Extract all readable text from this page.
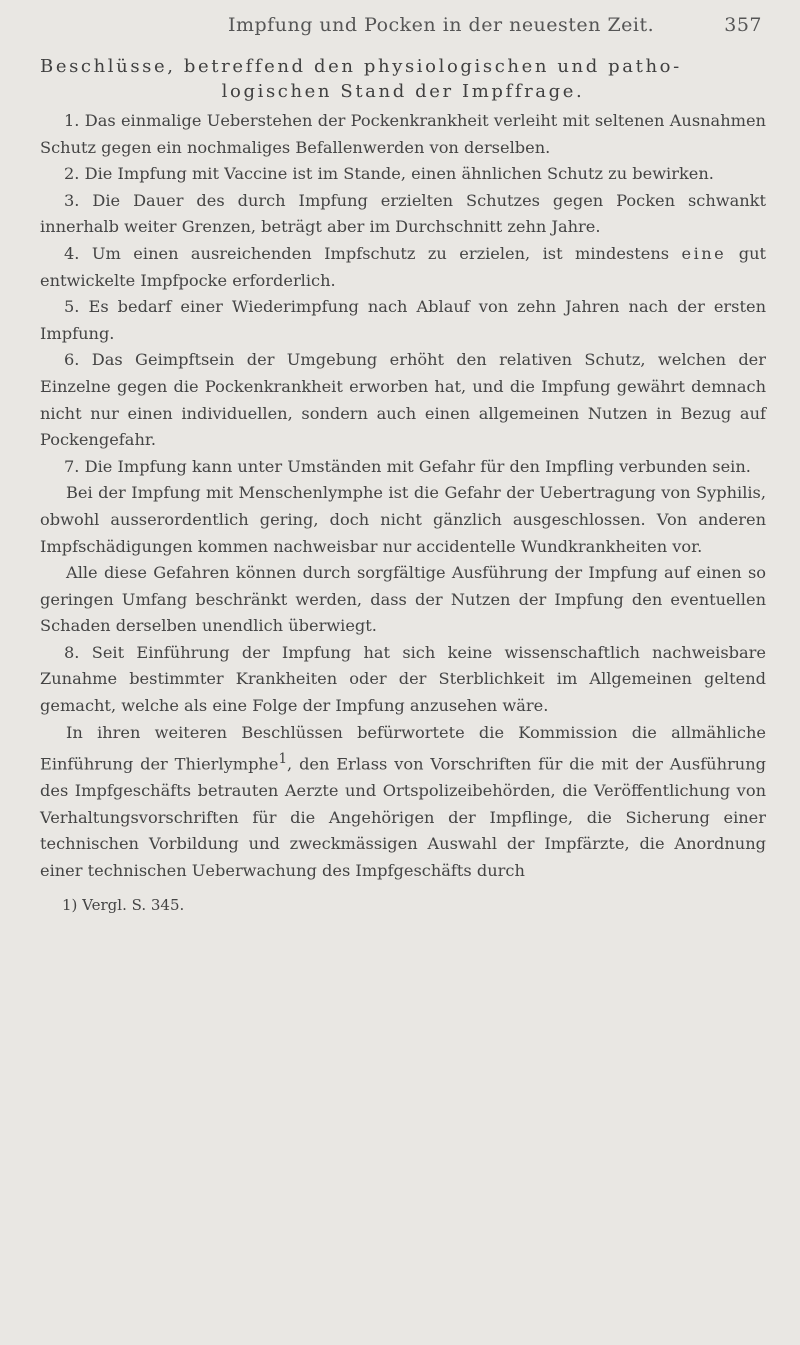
Impfung und Pocken in der neuesten Zeit.	357
Beschlüsse, betreffend den physiologischen und patho-
logischen Stand der Impffrage.

1. Das einmalige Ueberstehen der Pockenkrankheit verleiht mit seltenen Ausnahmen Schutz gegen ein nochmaliges Befallenwerden von derselben.

2. Die Impfung mit Vaccine ist im Stande, einen ähnlichen Schutz zu bewirken.

3. Die Dauer des durch Impfung erzielten Schutzes gegen Pocken schwankt innerhalb weiter Grenzen, beträgt aber im Durchschnitt zehn Jahre.

4. Um einen ausreichenden Impfschutz zu erzielen, ist mindestens eine gut entwickelte Impfpocke erforderlich.

5. Es bedarf einer Wiederimpfung nach Ablauf von zehn Jahren nach der ersten Impfung.

6. Das Geimpftsein der Umgebung erhöht den relativen Schutz, welchen der Einzelne gegen die Pockenkrankheit erworben hat, und die Impfung gewährt demnach nicht nur einen individuellen, sondern auch einen allgemeinen Nutzen in Bezug auf Pockengefahr.

7. Die Impfung kann unter Umständen mit Gefahr für den Impfling verbunden sein.

Bei der Impfung mit Menschenlymphe ist die Gefahr der Uebertragung von Syphilis, obwohl ausserordentlich gering, doch nicht gänzlich ausgeschlossen. Von anderen Impfschädigungen kommen nachweisbar nur accidentelle Wundkrankheiten vor.

Alle diese Gefahren können durch sorgfältige Ausführung der Impfung auf einen so geringen Umfang beschränkt werden, dass der Nutzen der Impfung den eventuellen Schaden derselben unendlich überwiegt.

8. Seit Einführung der Impfung hat sich keine wissenschaftlich nachweisbare Zunahme bestimmter Krankheiten oder der Sterblichkeit im Allgemeinen geltend gemacht, welche als eine Folge der Impfung anzusehen wäre.

In ihren weiteren Beschlüssen befürwortete die Kommission die allmähliche Einführung der Thierlymphe$^1$, den Erlass von Vorschriften für die mit der Ausführung des Impfgeschäfts betrauten Aerzte und Ortspolizeibehörden, die Veröffentlichung von Verhaltungsvorschriften für die Angehörigen der Impflinge, die Sicherung einer technischen Vorbildung und zweckmässigen Auswahl der Impfärzte, die Anordnung einer technischen Ueberwachung des Impfgeschäfts durch

1) Vergl. S. 345.
